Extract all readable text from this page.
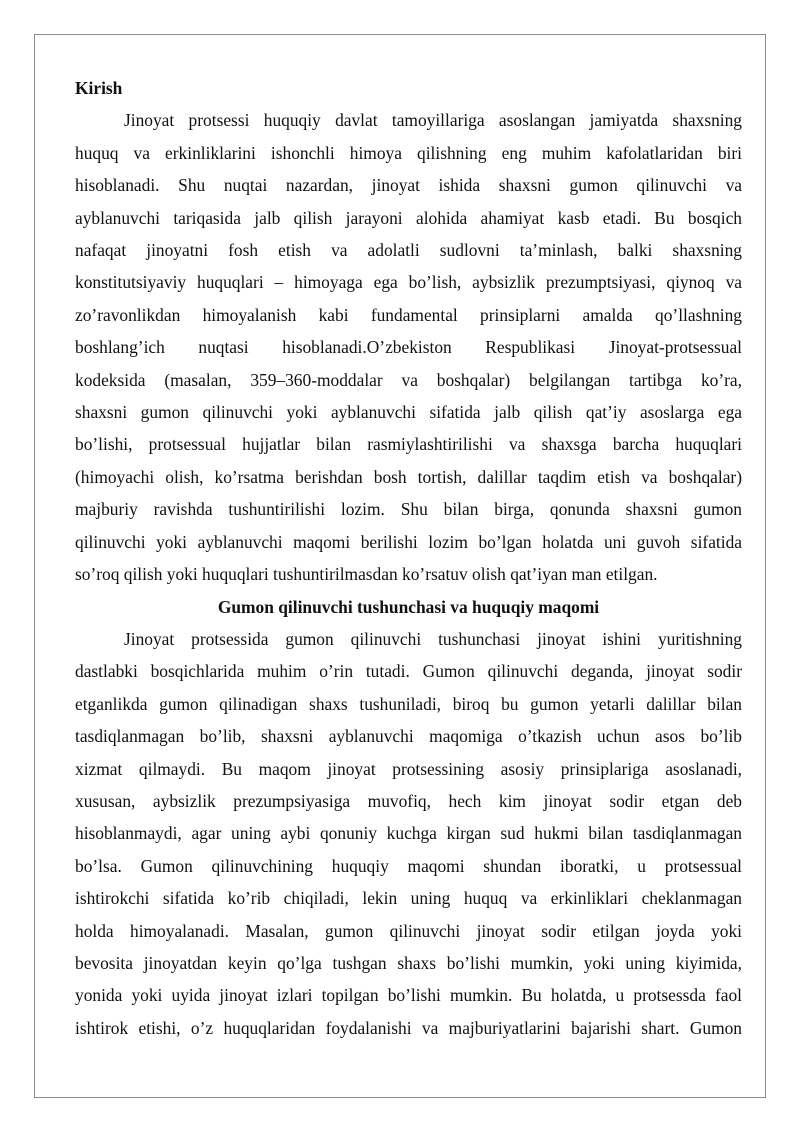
Kirish

Jinoyat protsessi huquqiy davlat tamoyillariga asoslangan jamiyatda shaxsning
huquq va erkinliklarini ishonchli himoya qilishning eng muhim kafolatlaridan biri
hisoblanadi. Shu nuqtai nazardan, jinoyat ishida shaxsni gumon qilinuvchi va
ayblanuvchi tariqasida jalb qilish jarayoni alohida ahamiyat kasb etadi. Bu bosqich
nafaqat jinoyatni fosh etish va adolatli sudlovni ta’minlash, balki shaxsning
konstitutsiyaviy huquqlari – himoyaga ega bo’lish, aybsizlik prezumptsiyasi, qiynoq va
zo’ravonlikdan himoyalanish kabi fundamental prinsiplarni amalda qo’llashning
boshlang’ich nuqtasi hisoblanadi.O’zbekiston Respublikasi Jinoyat-protsessual
kodeksida (masalan, 359–360-moddalar va boshqalar) belgilangan tartibga ko’ra,
shaxsni gumon qilinuvchi yoki ayblanuvchi sifatida jalb qilish qat’iy asoslarga ega
bo’lishi, protsessual hujjatlar bilan rasmiylashtirilishi va shaxsga barcha huquqlari
(himoyachi olish, ko’rsatma berishdan bosh tortish, dalillar taqdim etish va boshqalar)
majburiy ravishda tushuntirilishi lozim. Shu bilan birga, qonunda shaxsni gumon
qilinuvchi yoki ayblanuvchi maqomi berilishi lozim bo’lgan holatda uni guvoh sifatida
so’roq qilish yoki huquqlari tushuntirilmasdan ko’rsatuv olish qat’iyan man etilgan.

Gumon qilinuvchi tushunchasi va huquqiy maqomi

Jinoyat protsessida gumon qilinuvchi tushunchasi jinoyat ishini yuritishning
dastlabki bosqichlarida muhim o’rin tutadi. Gumon qilinuvchi deganda, jinoyat sodir
etganlikda gumon qilinadigan shaxs tushuniladi, biroq bu gumon yetarli dalillar bilan
tasdiqlanmagan bo’lib, shaxsni ayblanuvchi maqomiga o’tkazish uchun asos bo’lib
xizmat qilmaydi. Bu maqom jinoyat protsessining asosiy prinsiplariga asoslanadi,
xususan, aybsizlik prezumpsiyasiga muvofiq, hech kim jinoyat sodir etgan deb
hisoblanmaydi, agar uning aybi qonuniy kuchga kirgan sud hukmi bilan tasdiqlanmagan
bo’lsa. Gumon qilinuvchining huquqiy maqomi shundan iboratki, u protsessual
ishtirokchi sifatida ko’rib chiqiladi, lekin uning huquq va erkinliklari cheklanmagan
holda himoyalanadi. Masalan, gumon qilinuvchi jinoyat sodir etilgan joyda yoki
bevosita jinoyatdan keyin qo’lga tushgan shaxs bo’lishi mumkin, yoki uning kiyimida,
yonida yoki uyida jinoyat izlari topilgan bo’lishi mumkin. Bu holatda, u protsessda faol
ishtirok etishi, o’z huquqlaridan foydalanishi va majburiyatlarini bajarishi shart. Gumon
